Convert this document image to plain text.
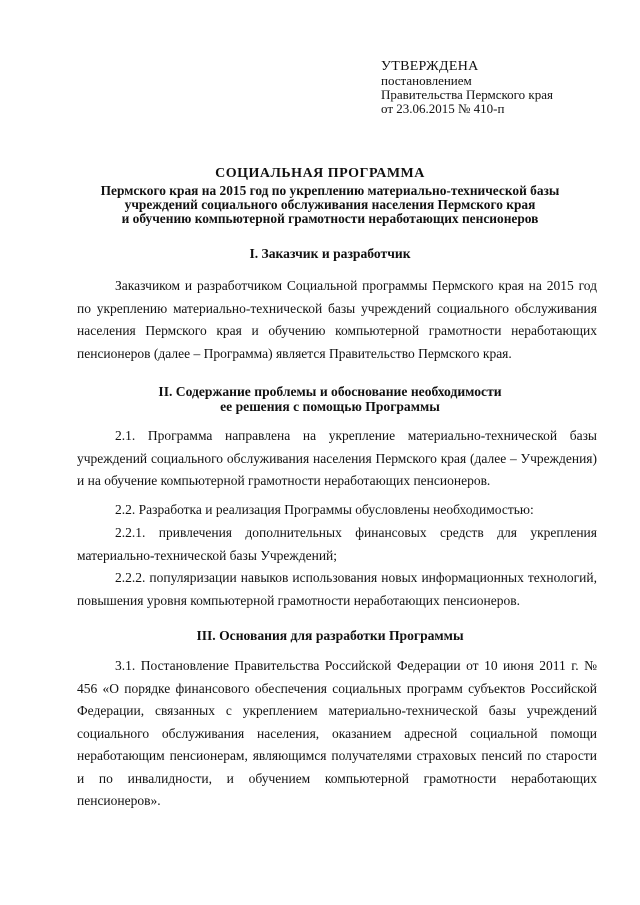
УТВЕРЖДЕНА
постановлением
Правительства Пермского края
от 23.06.2015 № 410-п
СОЦИАЛЬНАЯ ПРОГРАММА
Пермского края на 2015 год по укреплению материально-технической базы
учреждений социального обслуживания населения Пермского края
и обучению компьютерной грамотности неработающих пенсионеров
I. Заказчик и разработчик
Заказчиком и разработчиком Социальной программы Пермского края на 2015 год по укреплению материально-технической базы учреждений социального обслуживания населения Пермского края и обучению компьютерной грамотности неработающих пенсионеров (далее – Программа) является Правительство Пермского края.
II. Содержание проблемы и обоснование необходимости
ее решения с помощью Программы
2.1. Программа направлена на укрепление материально-технической базы учреждений социального обслуживания населения Пермского края (далее – Учреждения) и на обучение компьютерной грамотности неработающих пенсионеров.
2.2. Разработка и реализация Программы обусловлены необходимостью:
2.2.1. привлечения дополнительных финансовых средств для укрепления материально-технической базы Учреждений;
2.2.2. популяризации навыков использования новых информационных технологий, повышения уровня компьютерной грамотности неработающих пенсионеров.
III. Основания для разработки Программы
3.1. Постановление Правительства Российской Федерации от 10 июня 2011 г. № 456 «О порядке финансового обеспечения социальных программ субъектов Российской Федерации, связанных с укреплением материально-технической базы учреждений социального обслуживания населения, оказанием адресной социальной помощи неработающим пенсионерам, являющимся получателями страховых пенсий по старости и по инвалидности, и обучением компьютерной грамотности неработающих пенсионеров».
